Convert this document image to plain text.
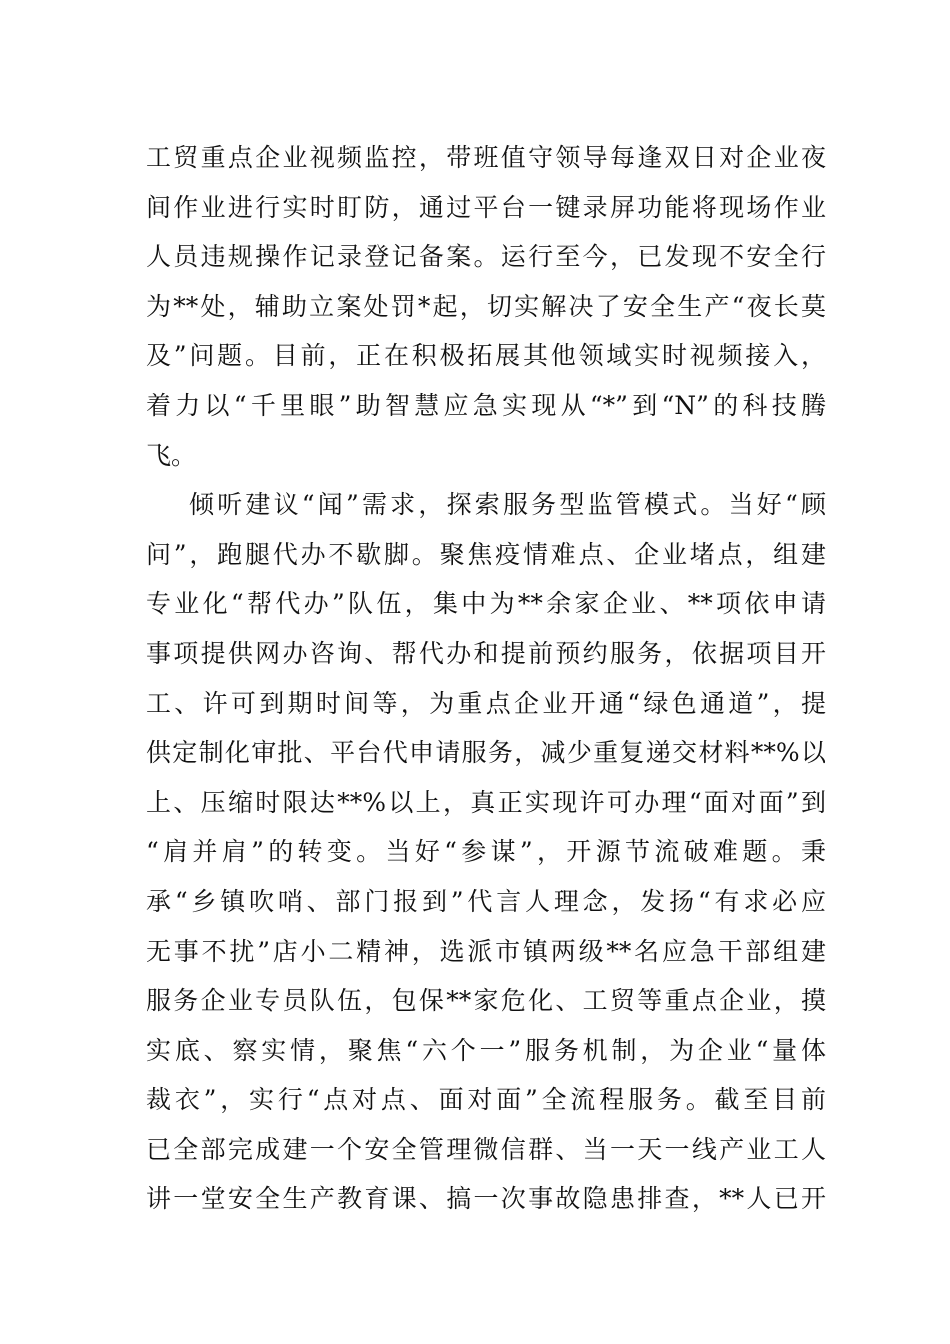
工贸重点企业视频监控，带班值守领导每逢双日对企业夜
间作业进行实时盯防，通过平台一键录屏功能将现场作业
人员违规操作记录登记备案。运行至今，已发现不安全行
为**处，辅助立案处罚*起，切实解决了安全生产“夜长莫
及”问题。目前，正在积极拓展其他领域实时视频接入，
着力以“千里眼”助智慧应急实现从“*”到“N”的科技腾
飞。
倾听建议“闻”需求，探索服务型监管模式。当好“顾
问”，跑腿代办不歇脚。聚焦疫情难点、企业堵点，组建
专业化“帮代办”队伍，集中为**余家企业、**项依申请
事项提供网办咨询、帮代办和提前预约服务，依据项目开
工、许可到期时间等，为重点企业开通“绿色通道”，提
供定制化审批、平台代申请服务，减少重复递交材料**%以
上、压缩时限达**%以上，真正实现许可办理“面对面”到
“肩并肩”的转变。当好“参谋”，开源节流破难题。秉
承“乡镇吹哨、部门报到”代言人理念，发扬“有求必应
无事不扰”店小二精神，选派市镇两级**名应急干部组建
服务企业专员队伍，包保**家危化、工贸等重点企业，摸
实底、察实情，聚焦“六个一”服务机制，为企业“量体
裁衣”，实行“点对点、面对面”全流程服务。截至目前
已全部完成建一个安全管理微信群、当一天一线产业工人
讲一堂安全生产教育课、搞一次事故隐患排查，**人已开
